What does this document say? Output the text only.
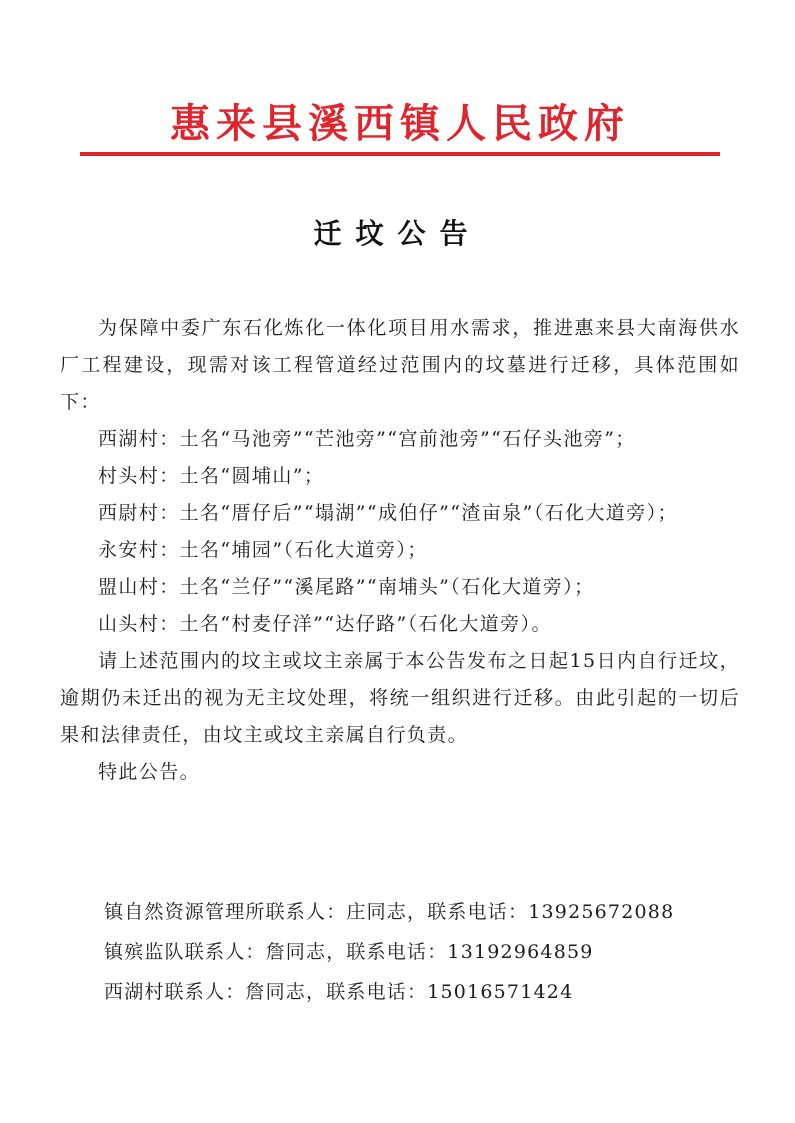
惠来县溪西镇人民政府
迁坟公告

为保障中委广东石化炼化一体化项目用水需求，推进惠来县大南海供水厂工程建设，现需对该工程管道经过范围内的坟墓进行迁移，具体范围如下：

西湖村：土名“马池旁”“芒池旁”“宫前池旁”“石仔头池旁”；

村头村：土名“圆埔山”；

西尉村：土名“厝仔后”“塌湖”“成伯仔”“渣亩泉”（石化大道旁）；

永安村：土名“埔园”（石化大道旁）；

盟山村：土名“兰仔”“溪尾路”“南埔头”（石化大道旁）；

山头村：土名“村麦仔洋”“达仔路”（石化大道旁）。

请上述范围内的坟主或坟主亲属于本公告发布之日起15日内自行迁坟，逾期仍未迁出的视为无主坟处理，将统一组织进行迁移。由此引起的一切后果和法律责任，由坟主或坟主亲属自行负责。

特此公告。

镇自然资源管理所联系人：庄同志，联系电话：13925672088

镇殡监队联系人：詹同志，联系电话：13192964859

西湖村联系人：詹同志，联系电话：15016571424
